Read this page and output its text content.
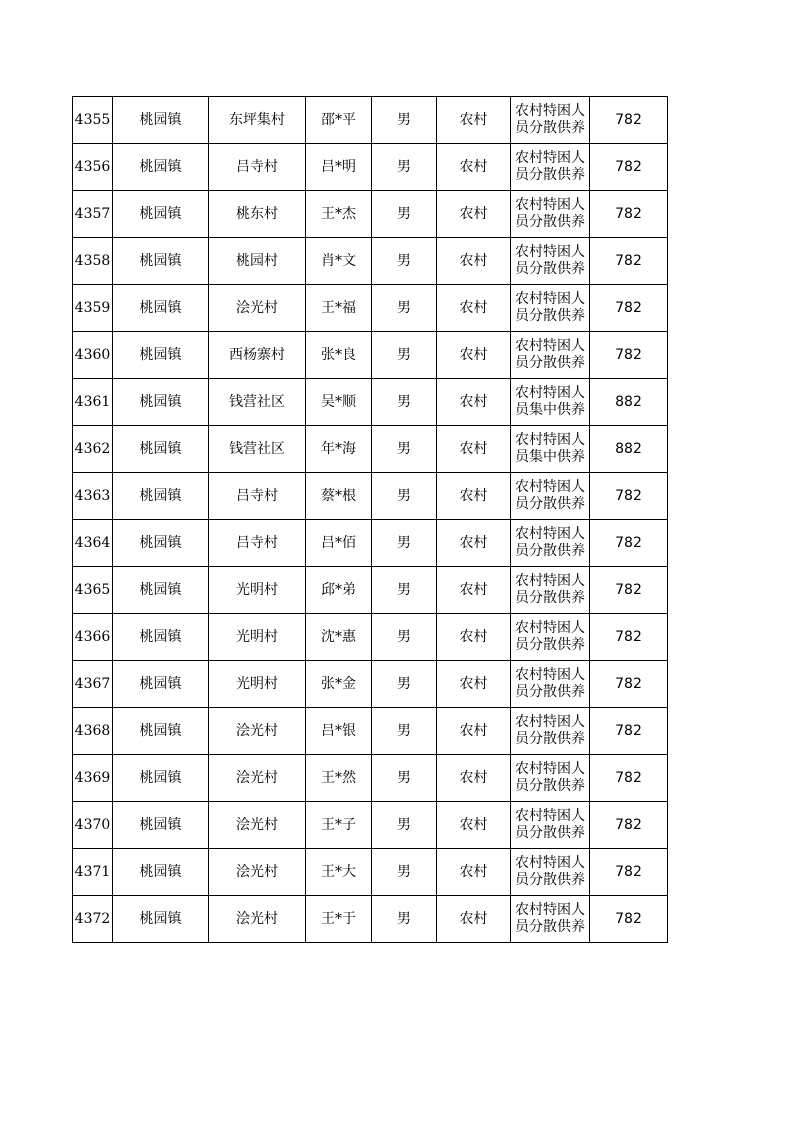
4355	桃园镇	东坪集村	邵*平	男	农村	农村特困人员分散供养	782
4356	桃园镇	吕寺村	吕*明	男	农村	农村特困人员分散供养	782
4357	桃园镇	桃东村	王*杰	男	农村	农村特困人员分散供养	782
4358	桃园镇	桃园村	肖*文	男	农村	农村特困人员分散供养	782
4359	桃园镇	浍光村	王*福	男	农村	农村特困人员分散供养	782
4360	桃园镇	西杨寨村	张*良	男	农村	农村特困人员分散供养	782
4361	桃园镇	钱营社区	吴*顺	男	农村	农村特困人员集中供养	882
4362	桃园镇	钱营社区	年*海	男	农村	农村特困人员集中供养	882
4363	桃园镇	吕寺村	蔡*根	男	农村	农村特困人员分散供养	782
4364	桃园镇	吕寺村	吕*佰	男	农村	农村特困人员分散供养	782
4365	桃园镇	光明村	邱*弟	男	农村	农村特困人员分散供养	782
4366	桃园镇	光明村	沈*惠	男	农村	农村特困人员分散供养	782
4367	桃园镇	光明村	张*金	男	农村	农村特困人员分散供养	782
4368	桃园镇	浍光村	吕*银	男	农村	农村特困人员分散供养	782
4369	桃园镇	浍光村	王*然	男	农村	农村特困人员分散供养	782
4370	桃园镇	浍光村	王*子	男	农村	农村特困人员分散供养	782
4371	桃园镇	浍光村	王*大	男	农村	农村特困人员分散供养	782
4372	桃园镇	浍光村	王*于	男	农村	农村特困人员分散供养	782
